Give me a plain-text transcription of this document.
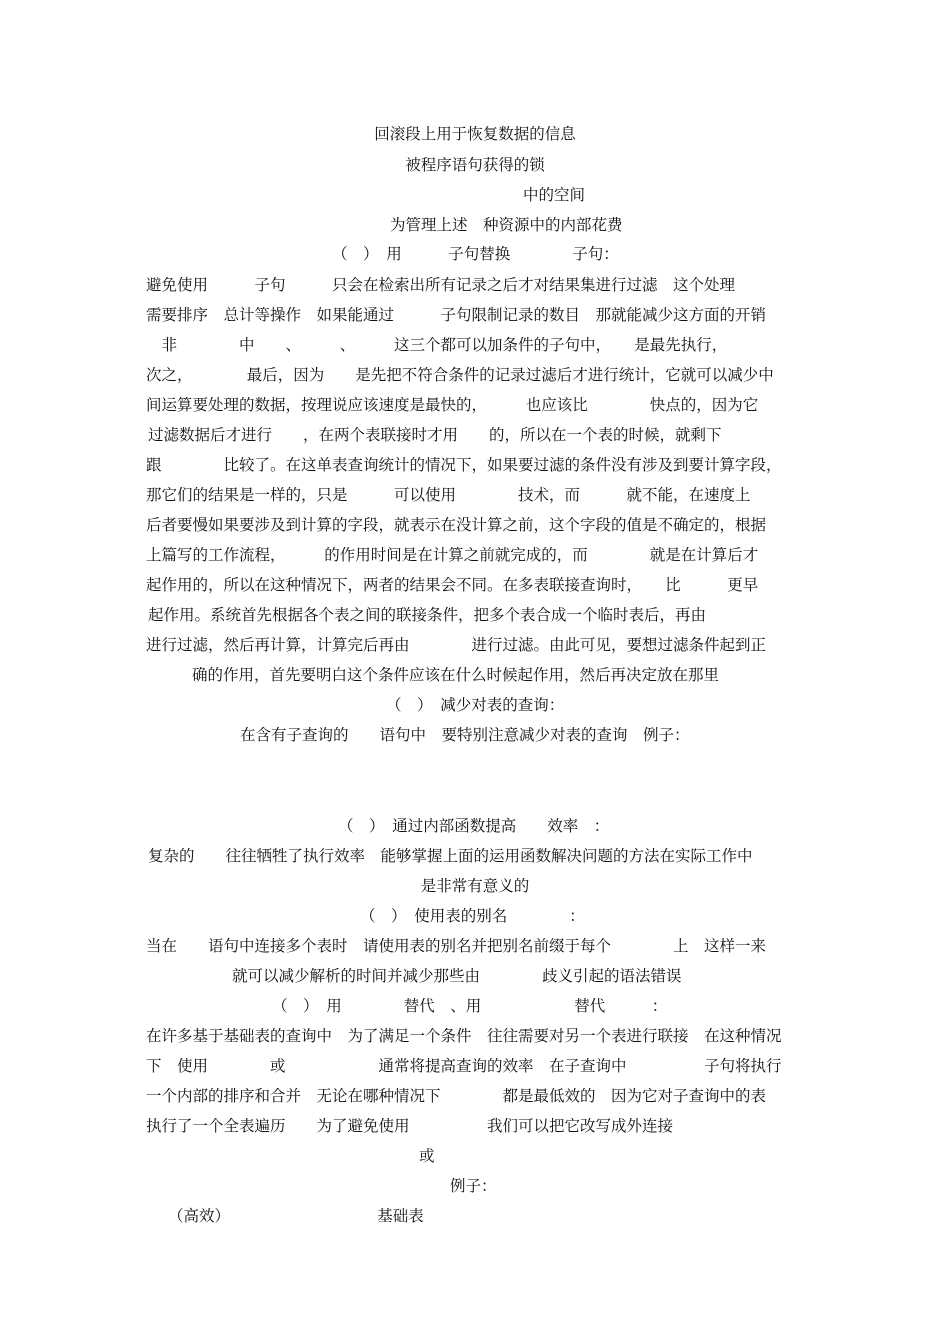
回滚段上用于恢复数据的信息
被程序语句获得的锁
中的空间
为管理上述　种资源中的内部花费
（　）　用　　　子句替换　　　　子句：
避免使用　　　子句　　　只会在检索出所有记录之后才对结果集进行过滤　这个处理
需要排序　总计等操作　如果能通过　　　子句限制记录的数目　那就能减少这方面的开销
　非　　　　中　　、　　　、　　　这三个都可以加条件的子句中，　　是最先执行，
次之，　　　　最后，因为　　是先把不符合条件的记录过滤后才进行统计，它就可以减少中
间运算要处理的数据，按理说应该速度是最快的，　　　也应该比　　　　快点的，因为它
过滤数据后才进行　　，在两个表联接时才用　　的，所以在一个表的时候，就剩下
跟　　　　比较了。在这单表查询统计的情况下，如果要过滤的条件没有涉及到要计算字段，
那它们的结果是一样的，只是　　　可以使用　　　　技术，而　　　就不能，在速度上
后者要慢如果要涉及到计算的字段，就表示在没计算之前，这个字段的值是不确定的，根据
上篇写的工作流程，　　　的作用时间是在计算之前就完成的，而　　　　就是在计算后才
起作用的，所以在这种情况下，两者的结果会不同。在多表联接查询时，　　比　　　更早
起作用。系统首先根据各个表之间的联接条件，把多个表合成一个临时表后，再由
进行过滤，然后再计算，计算完后再由　　　　进行过滤。由此可见，要想过滤条件起到正
确的作用，首先要明白这个条件应该在什么时候起作用，然后再决定放在那里
（　）　减少对表的查询：
在含有子查询的　　语句中　要特别注意减少对表的查询　例子：
（　）　通过内部函数提高　　效率　：
复杂的　　往往牺牲了执行效率　能够掌握上面的运用函数解决问题的方法在实际工作中
是非常有意义的
（　）　使用表的别名　　　　：
当在　　语句中连接多个表时　请使用表的别名并把别名前缀于每个　　　　上　这样一来
就可以减少解析的时间并减少那些由　　　　歧义引起的语法错误
（　）　用　　　　替代　、用　　　　　　替代　　　：
在许多基于基础表的查询中　为了满足一个条件　往往需要对另一个表进行联接　在这种情况
下　使用　　　　或　　　　　　通常将提高查询的效率　在子查询中　　　　　子句将执行
一个内部的排序和合并　无论在哪种情况下　　　　都是最低效的　因为它对子查询中的表
执行了一个全表遍历　　为了避免使用　　　　　我们可以把它改写成外连接
或
例子：
（高效）　　　　　　　　　　基础表
